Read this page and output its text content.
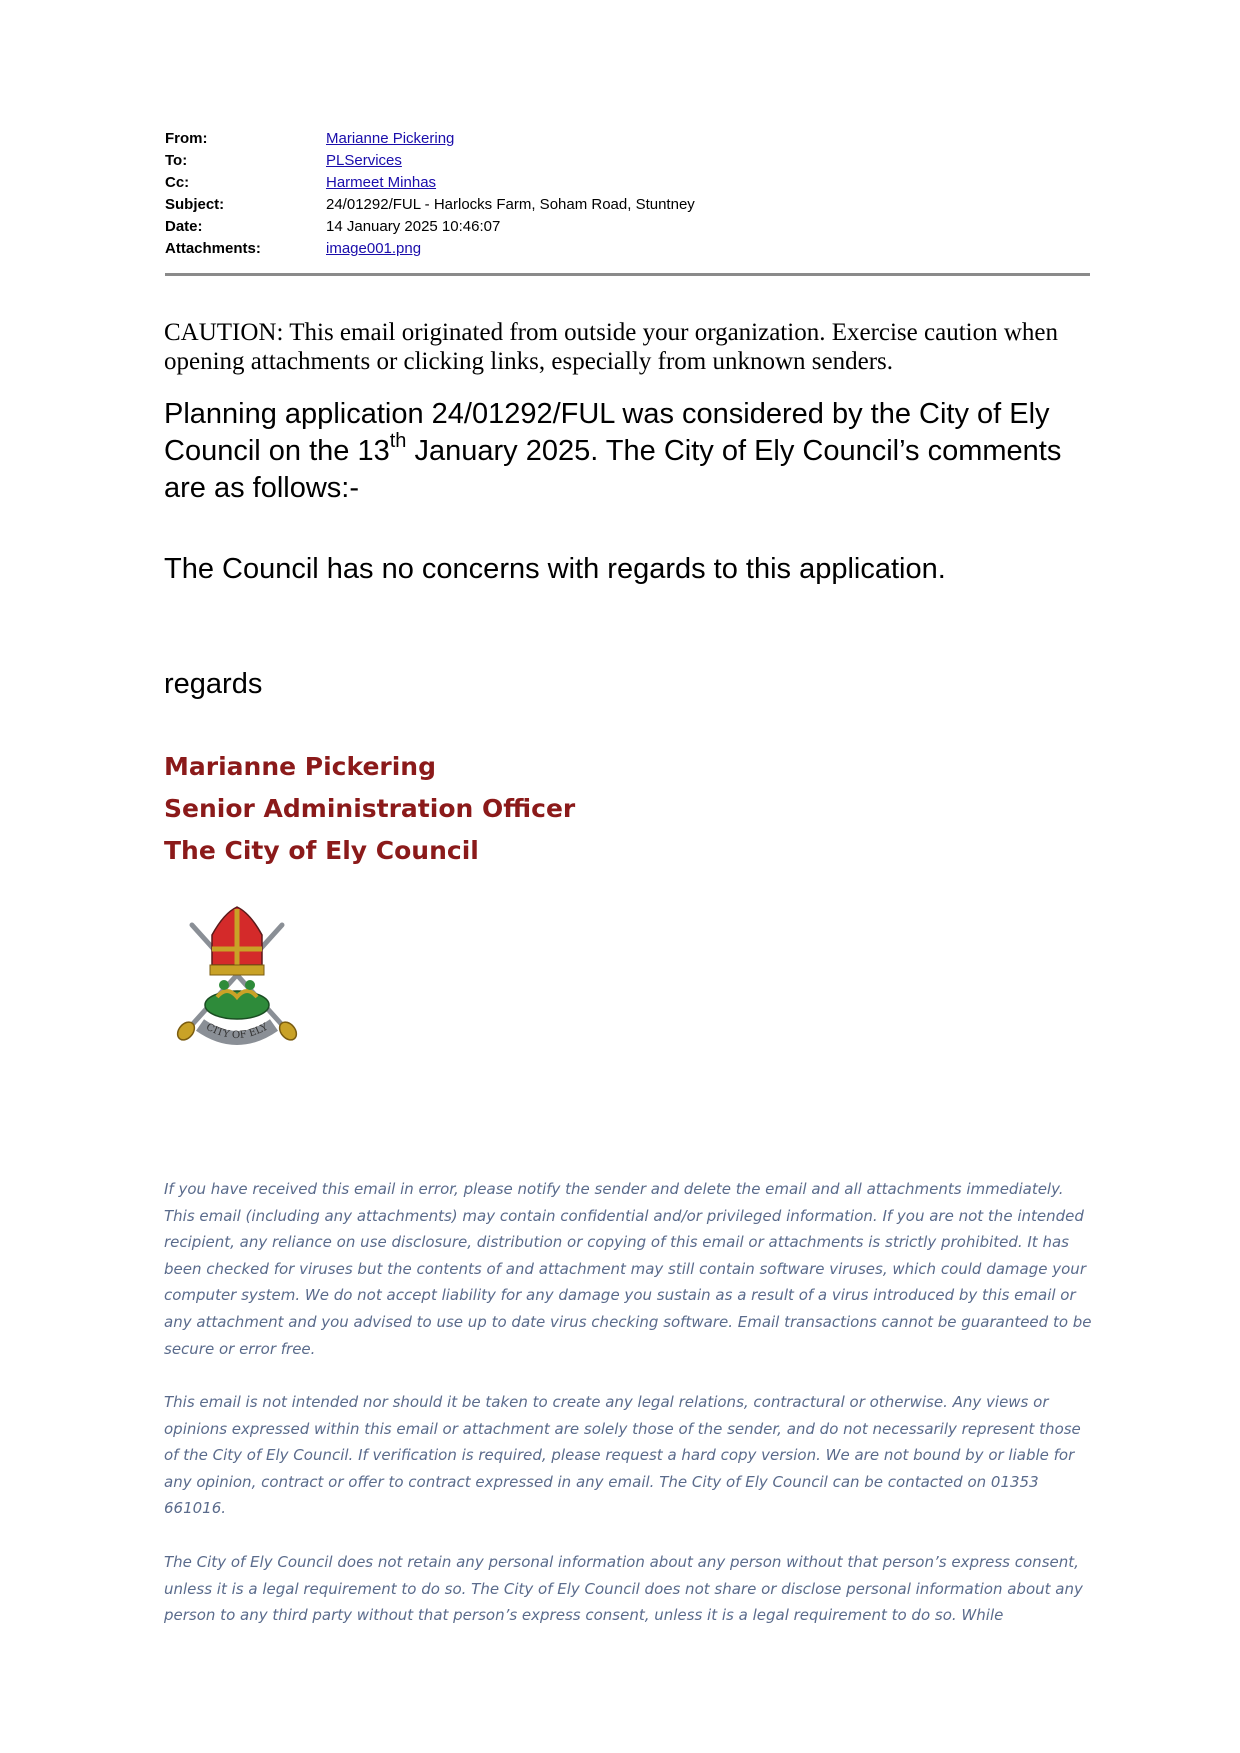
From:	Marianne Pickering
To:	PLServices
Cc:	Harmeet Minhas
Subject:	24/01292/FUL - Harlocks Farm, Soham Road, Stuntney
Date:	14 January 2025 10:46:07
Attachments:	image001.png
CAUTION: This email originated from outside your organization. Exercise caution when opening attachments or clicking links, especially from unknown senders.
Planning application 24/01292/FUL was considered by the City of Ely Council on the 13th January 2025. The City of Ely Council’s comments are as follows:-
The Council has no concerns with regards to this application.
regards
Marianne Pickering
Senior Administration Officer
The City of Ely Council
CITY OF ELY

If you have received this email in error, please notify the sender and delete the email and all attachments immediately. This email (including any attachments) may contain confidential and/or privileged information. If you are not the intended recipient, any reliance on use disclosure, distribution or copying of this email or attachments is strictly prohibited. It has been checked for viruses but the contents of and attachment may still contain software viruses, which could damage your computer system. We do not accept liability for any damage you sustain as a result of a virus introduced by this email or any attachment and you advised to use up to date virus checking software. Email transactions cannot be guaranteed to be secure or error free.

This email is not intended nor should it be taken to create any legal relations, contractural or otherwise. Any views or opinions expressed within this email or attachment are solely those of the sender, and do not necessarily represent those of the City of Ely Council. If verification is required, please request a hard copy version. We are not bound by or liable for any opinion, contract or offer to contract expressed in any email. The City of Ely Council can be contacted on 01353 661016.

The City of Ely Council does not retain any personal information about any person without that person’s express consent, unless it is a legal requirement to do so. The City of Ely Council does not share or disclose personal information about any person to any third party without that person’s express consent, unless it is a legal requirement to do so. While
